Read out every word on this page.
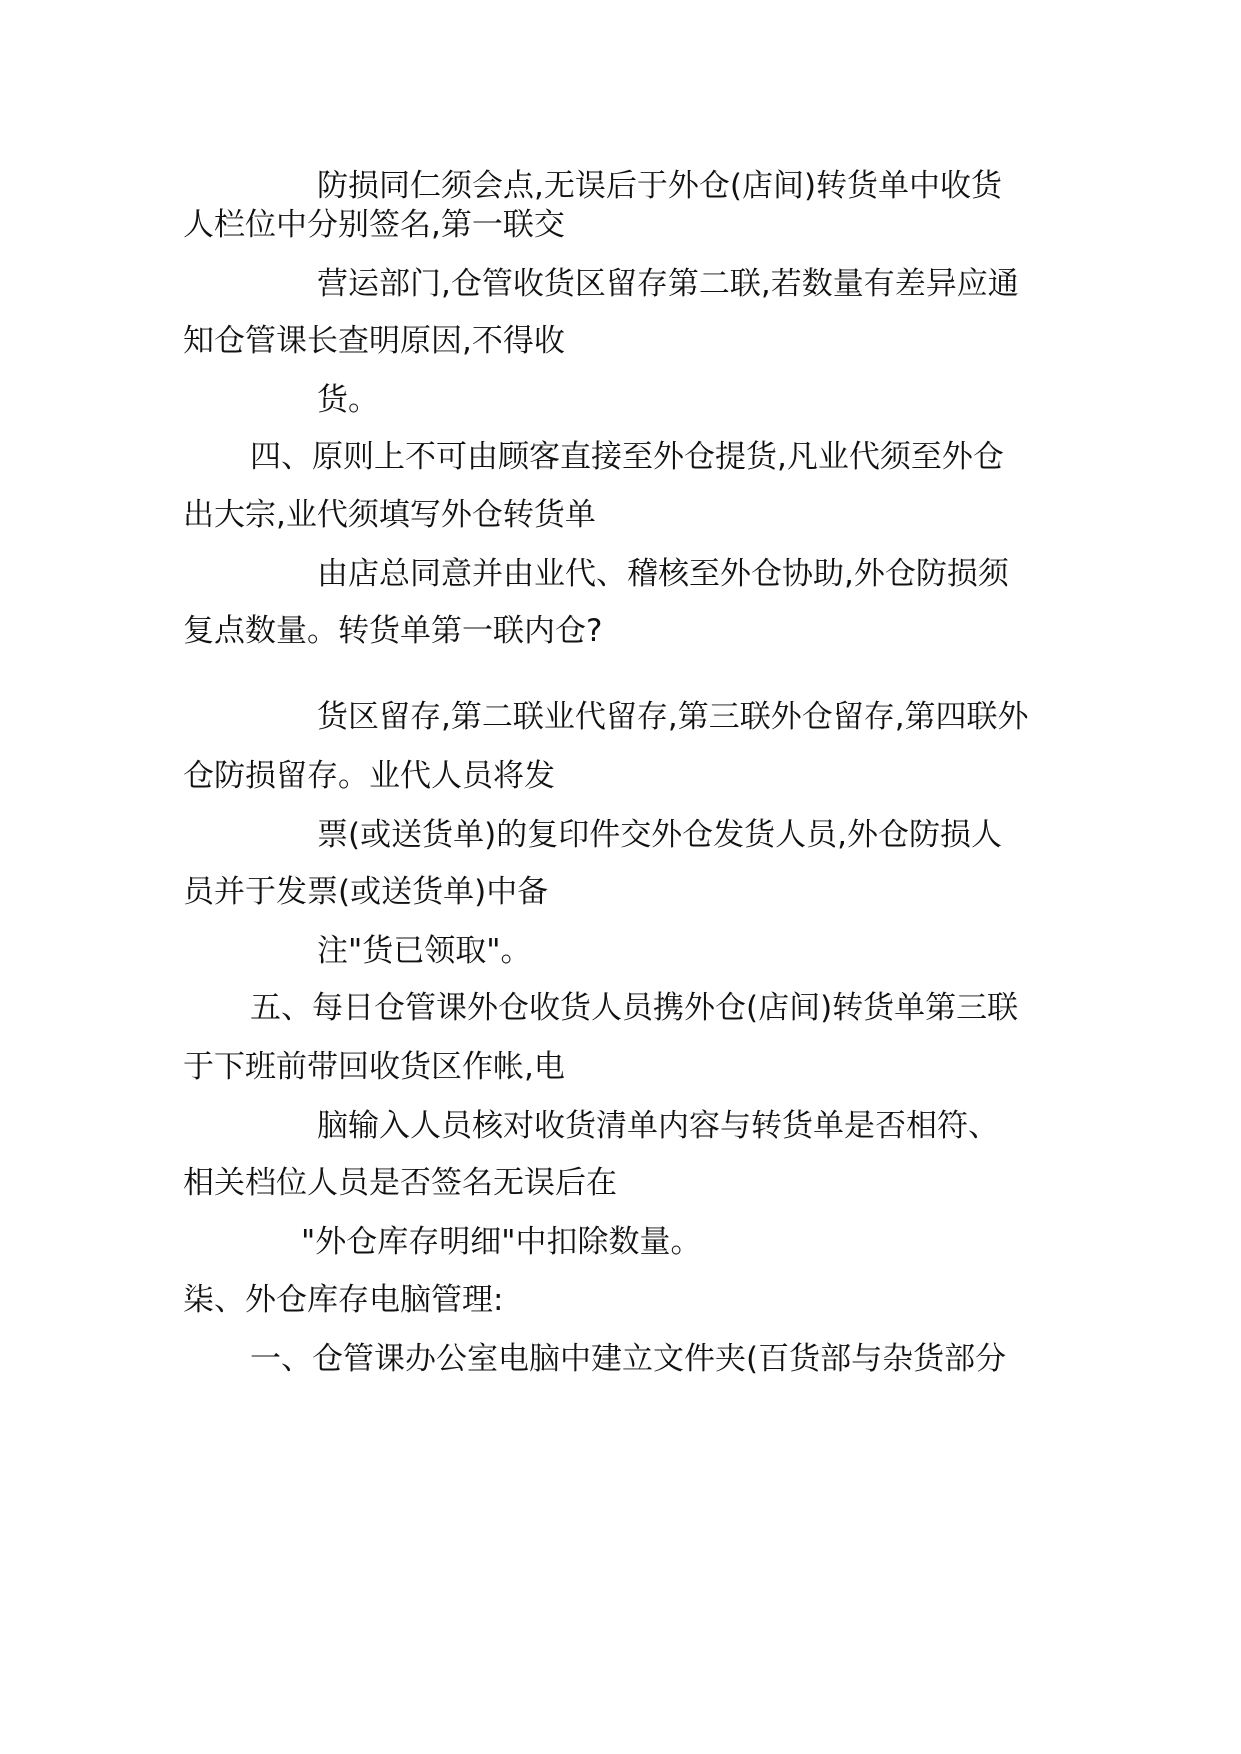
防损同仁须会点,无误后于外仓(店间)转货单中收货
人栏位中分别签名,第一联交
营运部门,仓管收货区留存第二联,若数量有差异应通
知仓管课长查明原因,不得收
货。
四、原则上不可由顾客直接至外仓提货,凡业代须至外仓
出大宗,业代须填写外仓转货单
由店总同意并由业代、稽核至外仓协助,外仓防损须
复点数量。转货单第一联内仓?
货区留存,第二联业代留存,第三联外仓留存,第四联外
仓防损留存。业代人员将发
票(或送货单)的复印件交外仓发货人员,外仓防损人
员并于发票(或送货单)中备
注"货已领取"。
五、每日仓管课外仓收货人员携外仓(店间)转货单第三联
于下班前带回收货区作帐,电
脑输入人员核对收货清单内容与转货单是否相符、
相关档位人员是否签名无误后在
"外仓库存明细"中扣除数量。
柒、外仓库存电脑管理:
一、仓管课办公室电脑中建立文件夹(百货部与杂货部分
